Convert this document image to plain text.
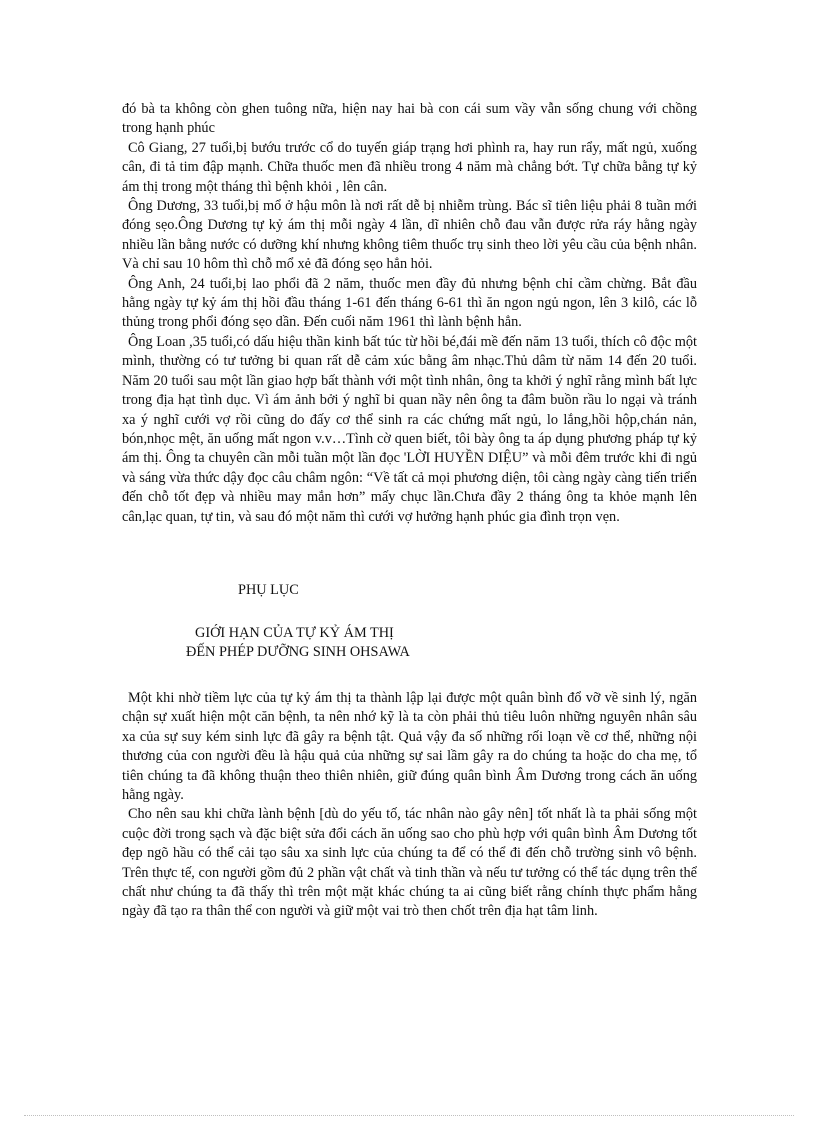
đó bà ta không còn ghen tuông nữa, hiện nay hai bà con cái sum vầy vẫn sống chung với chồng trong hạnh phúc

Cô Giang, 27 tuổi,bị bướu trước cổ do tuyến giáp trạng hơi phình ra, hay run rẩy, mất ngủ, xuống cân, đi tả tim đập mạnh. Chữa thuốc men đã nhiều trong 4 năm mà chẳng bớt. Tự chữa bằng tự kỷ ám thị trong một tháng thì bệnh khỏi , lên cân.

Ông Dương, 33 tuổi,bị mổ ở hậu môn là nơi rất dễ bị nhiễm trùng. Bác sĩ tiên liệu phải 8 tuần mới đóng sẹo.Ông Dương tự kỷ ám thị mỗi ngày 4 lần, dĩ nhiên chỗ đau vẫn được rửa ráy hằng ngày nhiều lần bằng nước có dưỡng khí nhưng không tiêm thuốc trụ sinh theo lời yêu cầu của bệnh nhân. Và chỉ sau 10 hôm thì chỗ mổ xẻ đã đóng sẹo hẳn hỏi.

Ông Anh, 24 tuổi,bị lao phổi đã 2 năm, thuốc men đầy đủ nhưng bệnh chỉ cầm chừng. Bắt đầu hằng ngày tự kỷ ám thị hồi đầu tháng 1-61 đến tháng 6-61 thì ăn ngon ngủ ngon, lên 3 kilô, các lỗ thủng trong phổi đóng sẹo dần. Đến cuối năm 1961 thì lành bệnh hẳn.

Ông Loan ,35 tuổi,có dấu hiệu thần kinh bất túc từ hồi bé,đái mề đến năm 13 tuổi, thích cô độc một mình, thường có tư tưởng bi quan rất dễ cảm xúc bằng âm nhạc.Thủ dâm từ năm 14 đến 20 tuổi. Năm 20 tuổi sau một lần giao hợp bất thành với một tình nhân, ông ta khởi ý nghĩ rằng mình bất lực trong địa hạt tình dục. Vì ám ảnh bởi ý nghĩ bi quan nầy nên ông ta đâm buồn rầu lo ngại và tránh xa ý nghĩ cưới vợ rồi cũng do đấy cơ thể sinh ra các chứng mất ngủ, lo lắng,hồi hộp,chán nản, bón,nhọc mệt, ăn uống mất ngon v.v…Tình cờ quen biết, tôi bày ông ta áp dụng phương pháp tự kỷ ám thị. Ông ta chuyên cần mỗi tuần một lần đọc 'LỜI HUYỀN DIỆU” và mỗi đêm trước khi đi ngủ và sáng vừa thức dậy đọc câu châm ngôn: “Về tất cả mọi phương diện, tôi càng ngày càng tiến triển đến chỗ tốt đẹp và nhiều may mắn hơn” mấy chục lần.Chưa đầy 2 tháng ông ta khỏe mạnh lên cân,lạc quan, tự tin, và sau đó một năm thì cưới vợ hưởng hạnh phúc gia đình trọn vẹn.

PHỤ LỤC

GIỚI HẠN CỦA TỰ KỶ ÁM THỊ

ĐẾN PHÉP DƯỠNG SINH OHSAWA

Một khi nhờ tiềm lực của tự kỷ ám thị ta thành lập lại được một quân bình đổ vỡ về sinh lý, ngăn chận sự xuất hiện một căn bệnh, ta nên nhớ kỹ là ta còn phải thủ tiêu luôn những nguyên nhân sâu xa của sự suy kém sinh lực đã gây ra bệnh tật. Quả vậy đa số những rối loạn về cơ thể, những nội thương của con người đều là hậu quả của những sự sai lầm gây ra do chúng ta hoặc do cha mẹ, tổ tiên chúng ta đã không thuận theo thiên nhiên, giữ đúng quân bình Âm Dương trong cách ăn uống hằng ngày.

Cho nên sau khi chữa lành bệnh [dù do yếu tố, tác nhân nào gây nên] tốt nhất là ta phải sống một cuộc đời trong sạch và đặc biệt sửa đổi cách ăn uống sao cho phù hợp với quân bình Âm Dương tốt đẹp ngõ hầu có thể cải tạo sâu xa sinh lực của chúng ta để có thể đi đến chỗ trường sinh vô bệnh. Trên thực tế, con người gồm đủ 2 phần vật chất và tinh thần và nếu tư tưởng có thể tác dụng trên thể chất như chúng ta đã thấy thì trên một mặt khác chúng ta ai cũng biết rằng chính thực phẩm hằng ngày đã tạo ra thân thể con người và giữ một vai trò then chốt trên địa hạt tâm linh.
